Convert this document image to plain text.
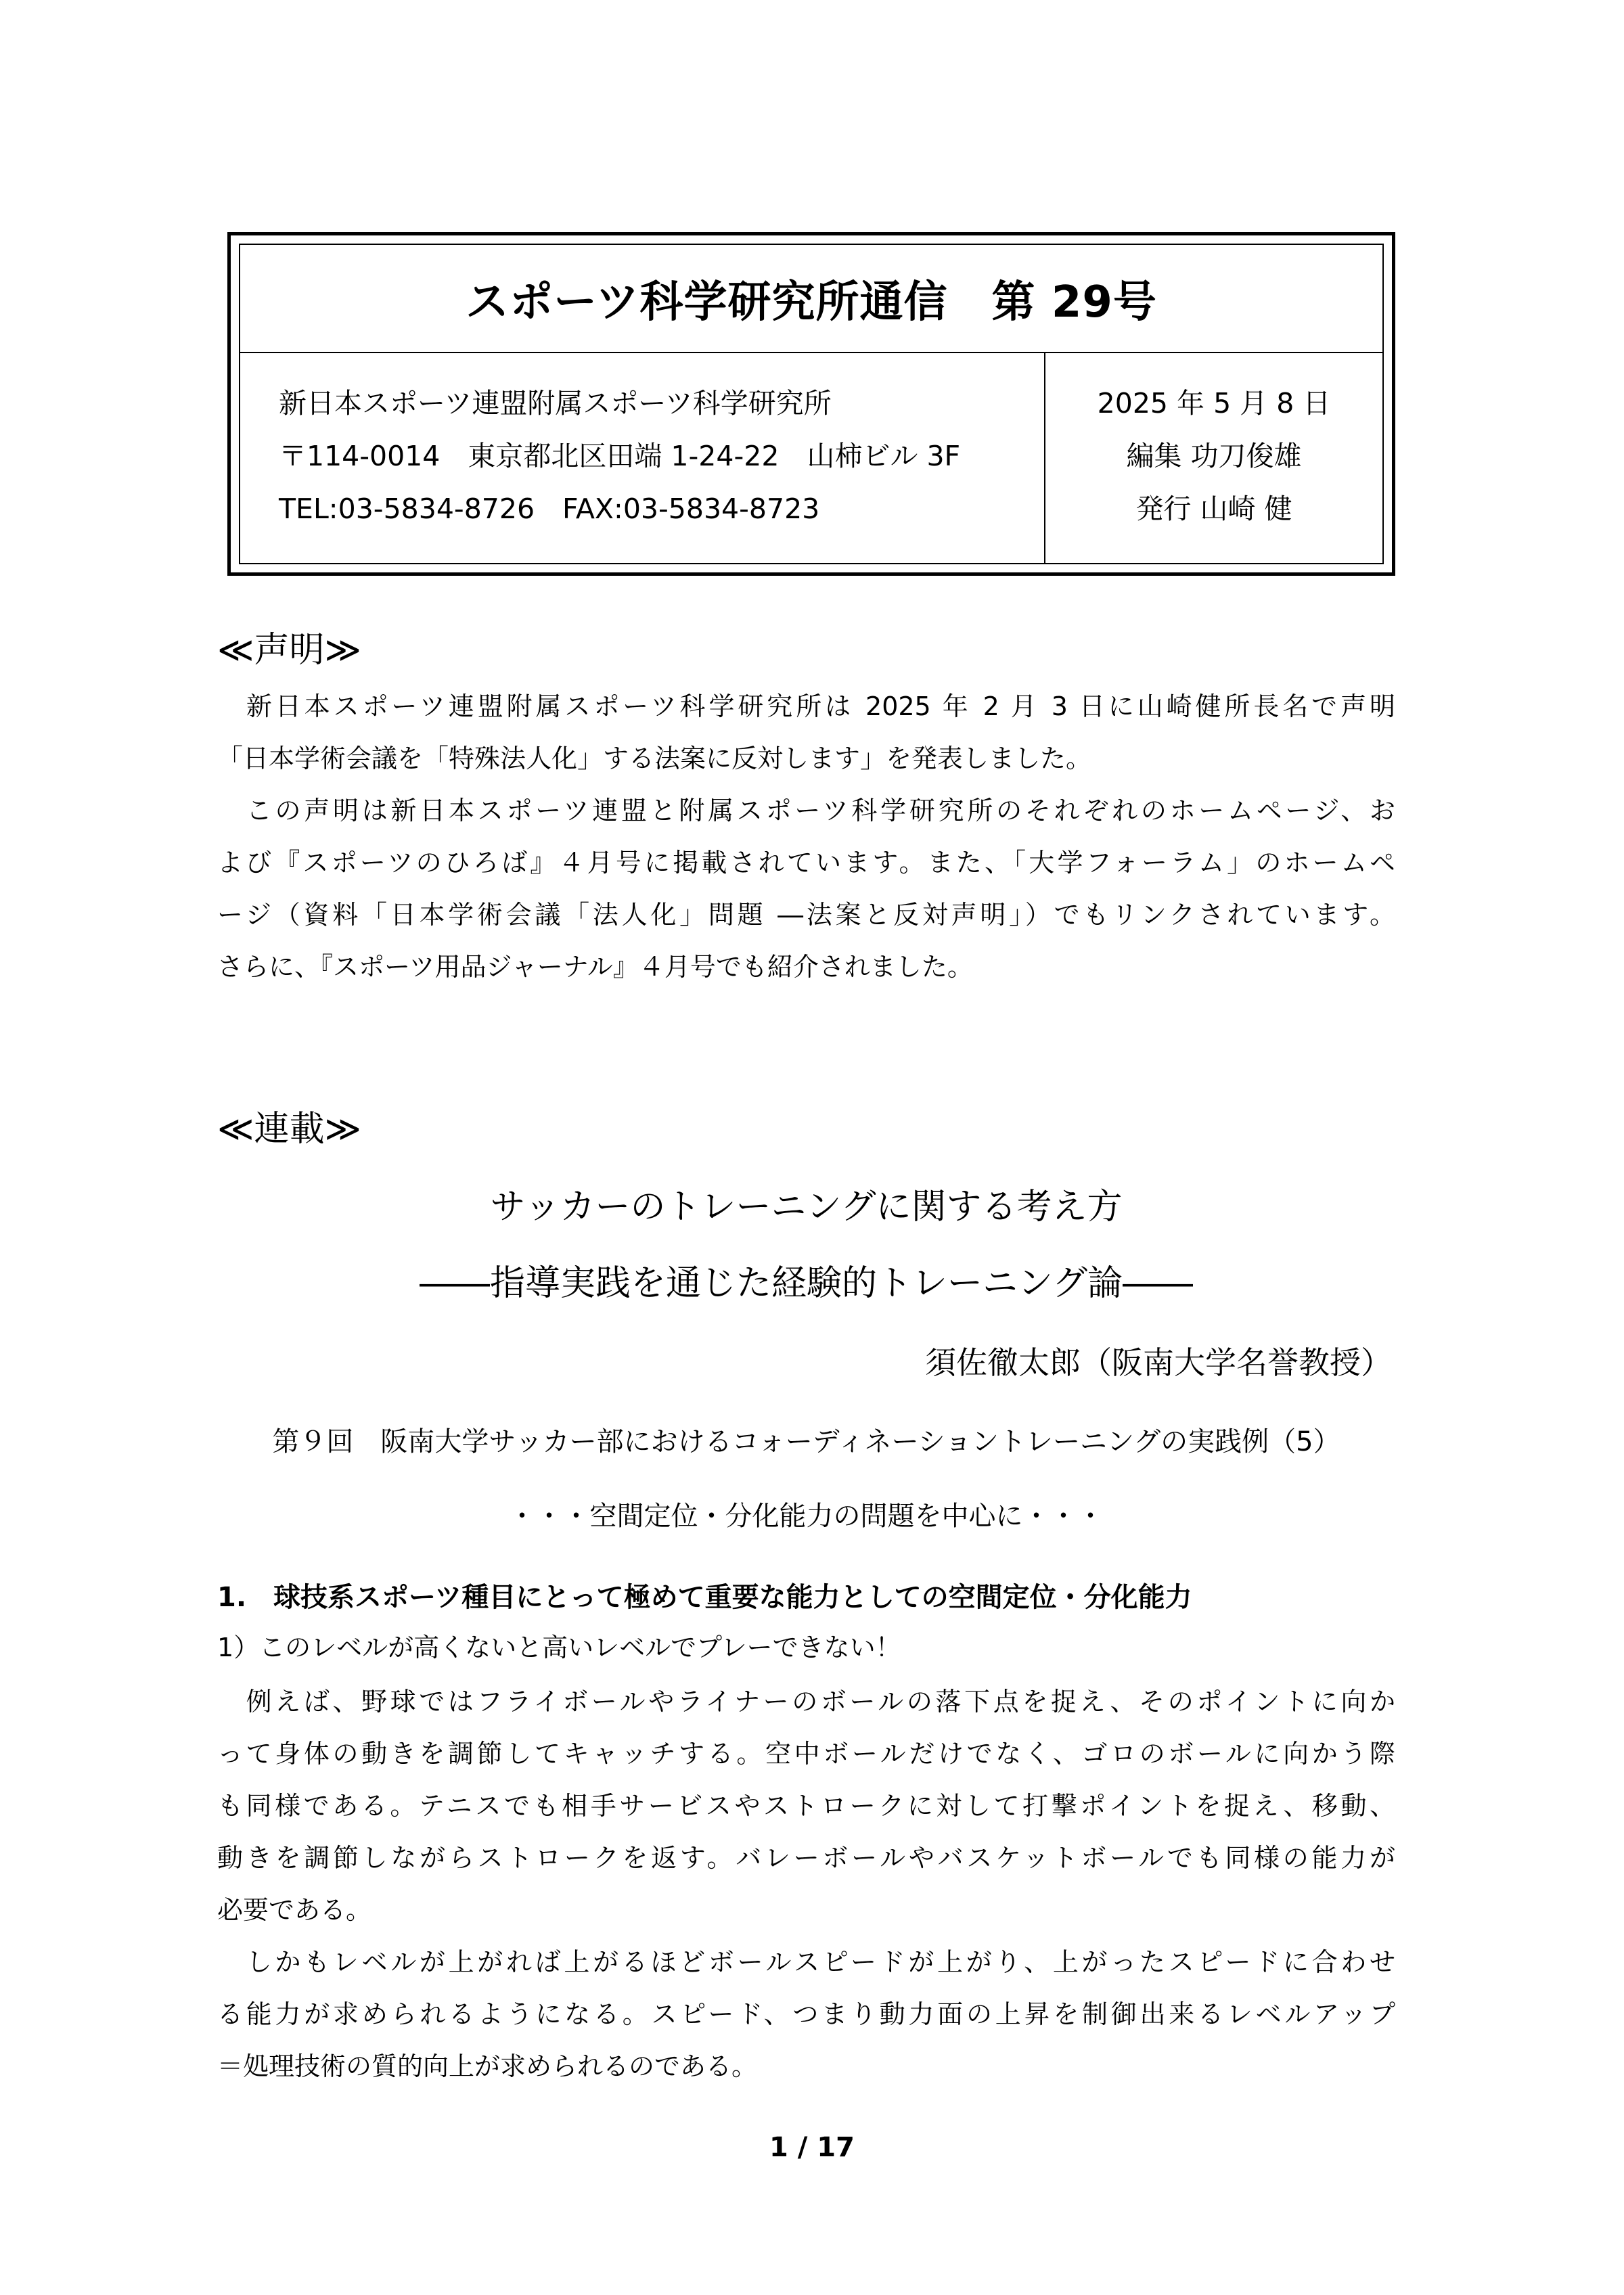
スポーツ科学研究所通信　第 29号
新日本スポーツ連盟附属スポーツ科学研究所
〒114-0014　東京都北区田端 1-24-22　山柿ビル 3F
TEL:03-5834-8726　FAX:03-5834-8723
2025 年 5 月 8 日
編集 功刀俊雄
発行 山崎 健
≪声明≫
　新日本スポーツ連盟附属スポーツ科学研究所は 2025 年 2 月 3 日に山崎健所長名で声明
「日本学術会議を「特殊法人化」する法案に反対します」を発表しました。
　この声明は新日本スポーツ連盟と附属スポーツ科学研究所のそれぞれのホームページ、お
よび『スポーツのひろば』４月号に掲載されています。また、「大学フォーラム」のホームペ
ージ（資料「日本学術会議「法人化」問題 ―法案と反対声明」）でもリンクされています。
さらに、『スポーツ用品ジャーナル』４月号でも紹介されました。
≪連載≫
サッカーのトレーニングに関する考え方
――指導実践を通じた経験的トレーニング論――
須佐徹太郎（阪南大学名誉教授）
第９回　阪南大学サッカー部におけるコォーディネーショントレーニングの実践例（5）
・・・空間定位・分化能力の問題を中心に・・・
1.　球技系スポーツ種目にとって極めて重要な能力としての空間定位・分化能力
1）このレベルが高くないと高いレベルでプレーできない！
　例えば、野球ではフライボールやライナーのボールの落下点を捉え、そのポイントに向か
って身体の動きを調節してキャッチする。空中ボールだけでなく、ゴロのボールに向かう際
も同様である。テニスでも相手サービスやストロークに対して打撃ポイントを捉え、移動、
動きを調節しながらストロークを返す。バレーボールやバスケットボールでも同様の能力が
必要である。
　しかもレベルが上がれば上がるほどボールスピードが上がり、上がったスピードに合わせ
る能力が求められるようになる。スピード、つまり動力面の上昇を制御出来るレベルアップ
＝処理技術の質的向上が求められるのである。
1 / 17
